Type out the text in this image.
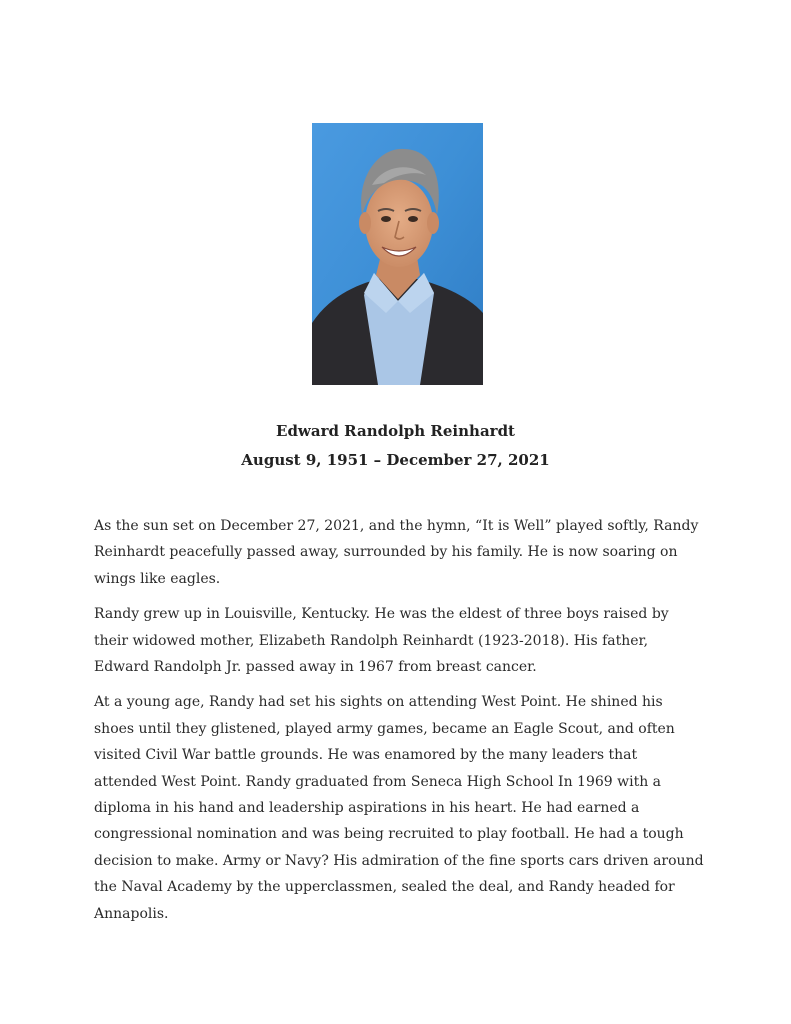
Edward Randolph Reinhardt
August 9, 1951 – December 27, 2021

As the sun set on December 27, 2021, and the hymn, “It is Well” played softly, Randy Reinhardt peacefully passed away, surrounded by his family. He is now soaring on wings like eagles.

Randy grew up in Louisville, Kentucky. He was the eldest of three boys raised by their widowed mother, Elizabeth Randolph Reinhardt (1923-2018). His father, Edward Randolph Jr. passed away in 1967 from breast cancer.

At a young age, Randy had set his sights on attending West Point. He shined his shoes until they glistened, played army games, became an Eagle Scout, and often visited Civil War battle grounds. He was enamored by the many leaders that attended West Point. Randy graduated from Seneca High School In 1969 with a diploma in his hand and leadership aspirations in his heart. He had earned a congressional nomination and was being recruited to play football. He had a tough decision to make. Army or Navy? His admiration of the fine sports cars driven around the Naval Academy by the upperclassmen, sealed the deal, and Randy headed for Annapolis.
